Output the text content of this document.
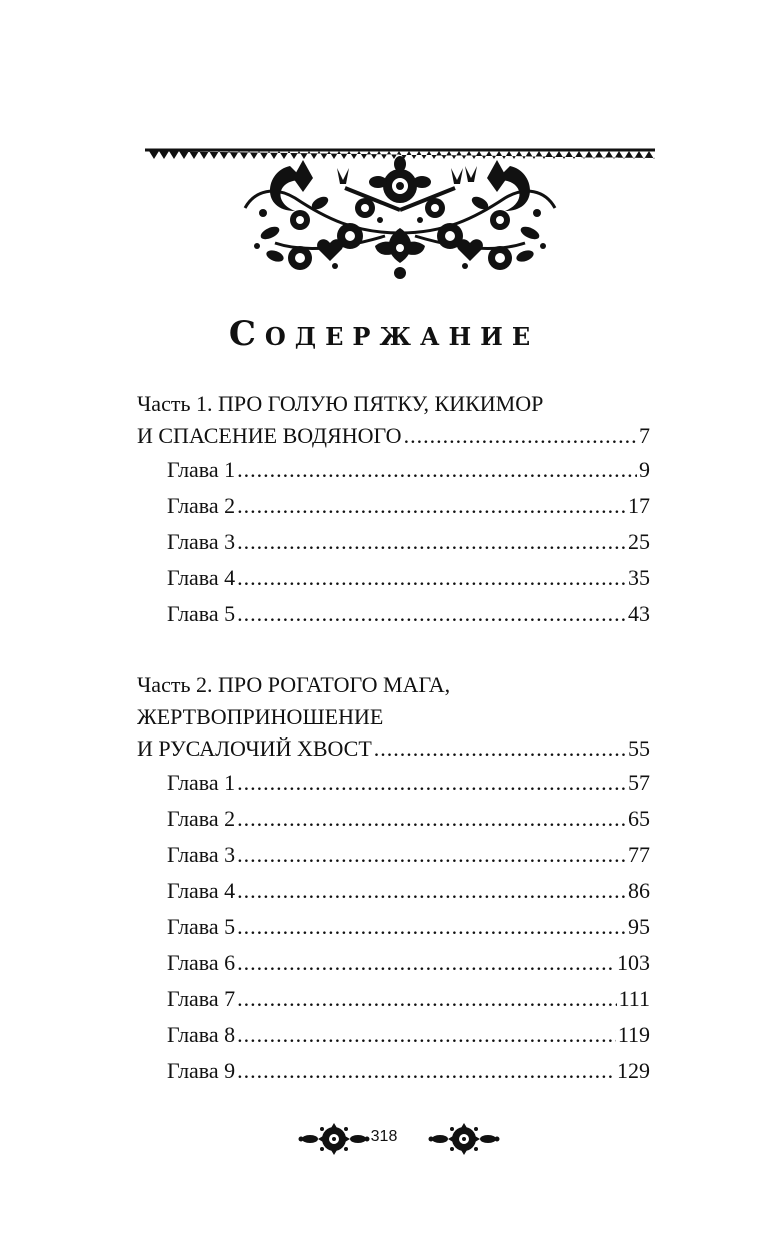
Содержание
Часть 1. ПРО ГОЛУЮ ПЯТКУ, КИКИМОР
И СПАСЕНИЕ ВОДЯНОГО .....	7
Глава 1 .....	9
Глава 2 .....	17
Глава 3 .....	25
Глава 4 .....	35
Глава 5 .....	43
Часть 2. ПРО РОГАТОГО МАГА,
ЖЕРТВОПРИНОШЕНИЕ
И РУСАЛОЧИЙ ХВОСТ .....	55
Глава 1 .....	57
Глава 2 .....	65
Глава 3 .....	77
Глава 4 .....	86
Глава 5 .....	95
Глава 6 .....	103
Глава 7 .....	111
Глава 8 .....	119
Глава 9 .....	129
318
